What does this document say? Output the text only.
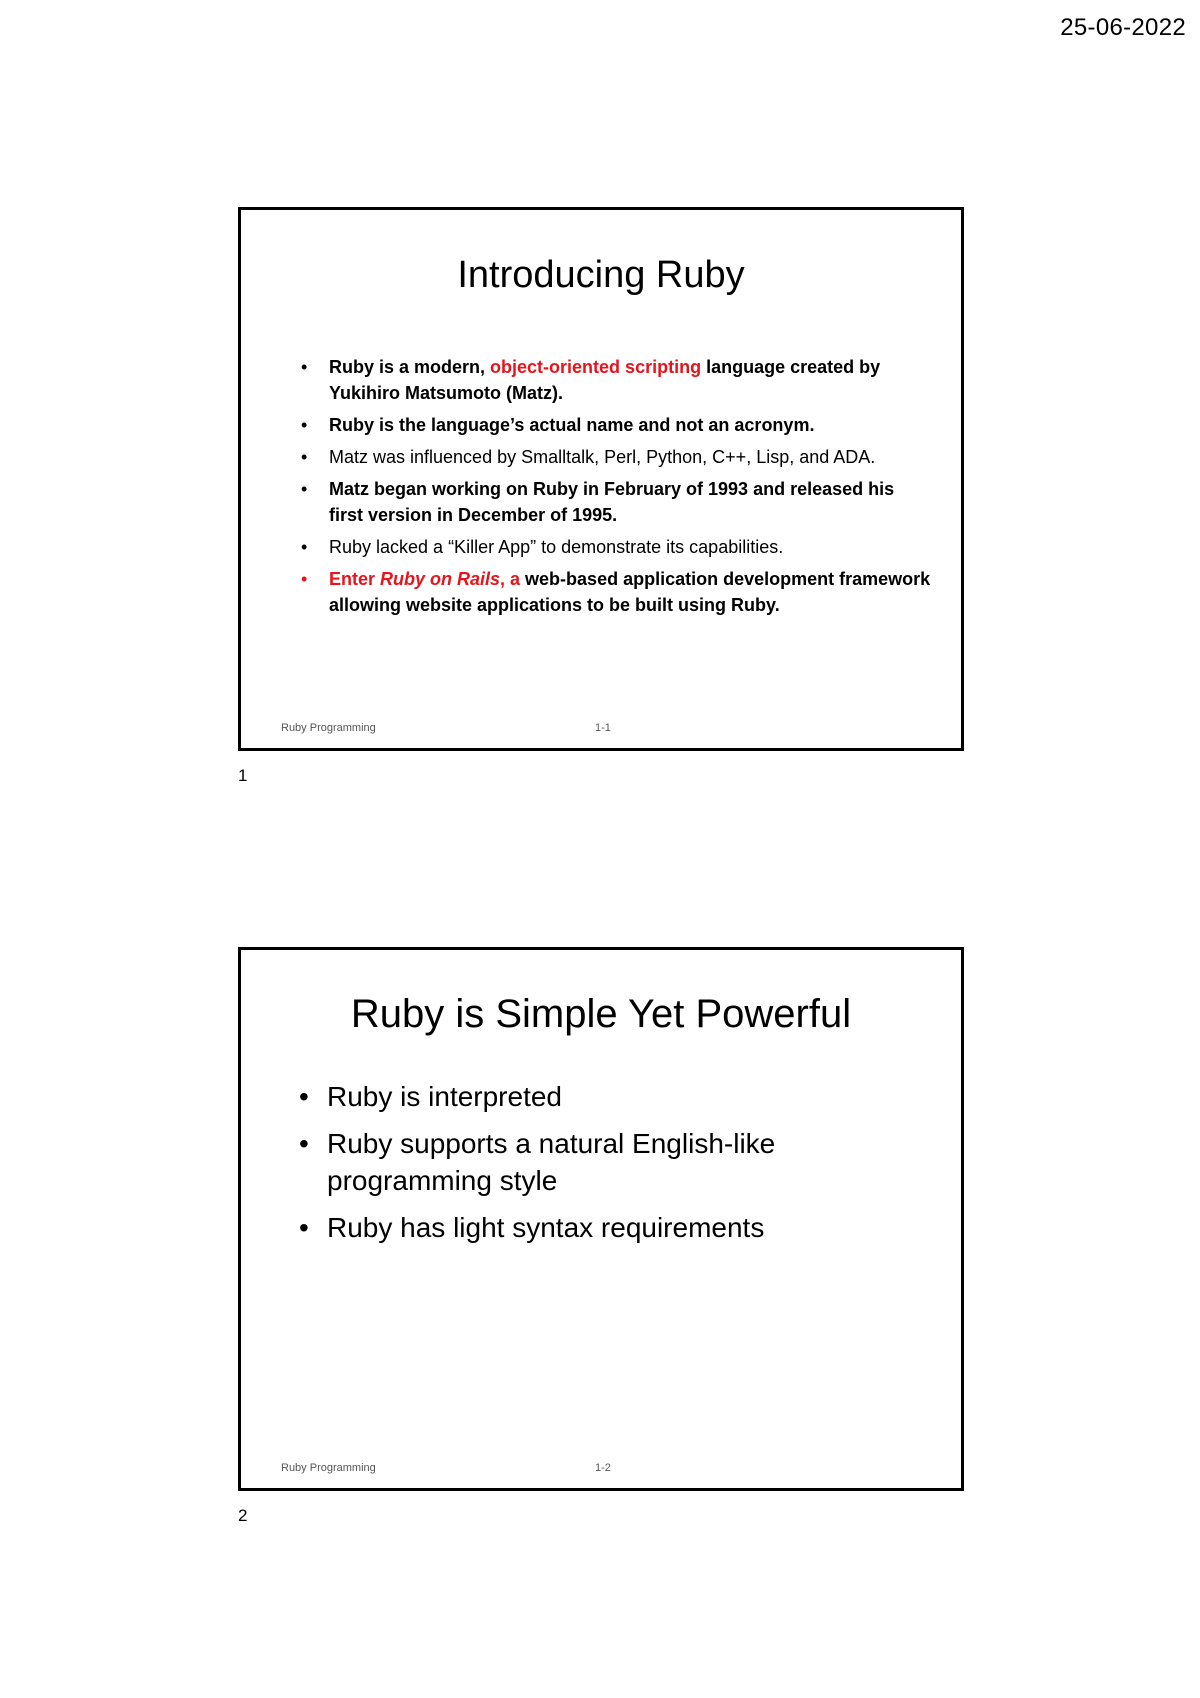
25-06-2022
Introducing Ruby
• Ruby is a modern, object-oriented scripting language created by Yukihiro Matsumoto (Matz).
• Ruby is the language’s actual name and not an acronym.
• Matz was influenced by Smalltalk, Perl, Python, C++, Lisp, and ADA.
• Matz began working on Ruby in February of 1993 and released his first version in December of 1995.
• Ruby lacked a “Killer App” to demonstrate its capabilities.
• Enter Ruby on Rails, a web-based application development framework allowing website applications to be built using Ruby.
Ruby Programming	1-1
1
Ruby is Simple Yet Powerful
• Ruby is interpreted
• Ruby supports a natural English-like programming style
• Ruby has light syntax requirements
Ruby Programming	1-2
2
